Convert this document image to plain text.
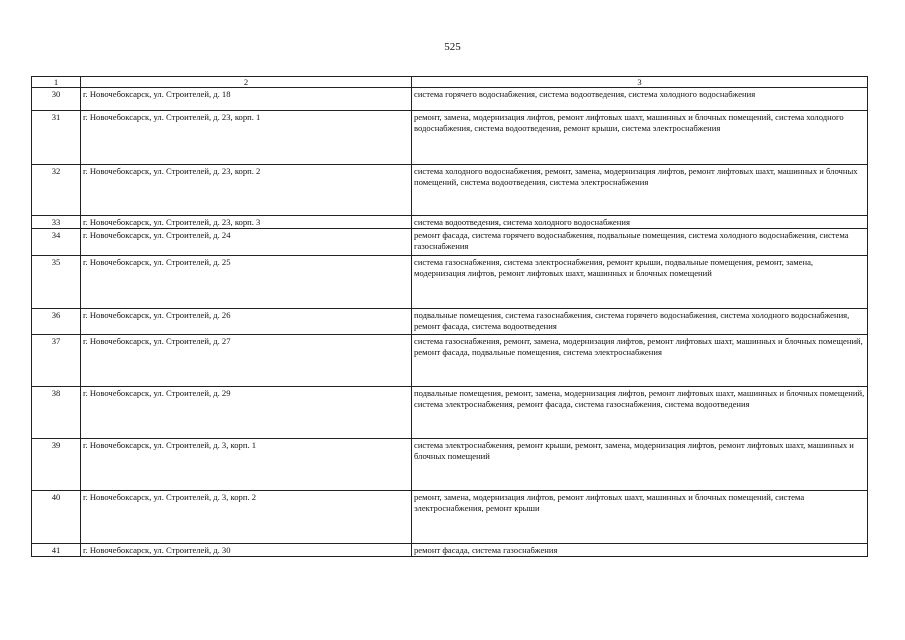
525
1	2	3
30	г. Новочебоксарск, ул. Строителей, д. 18	система горячего водоснабжения, система водоотведения, система холодного водоснабжения
31	г. Новочебоксарск, ул. Строителей, д. 23, корп. 1	ремонт, замена, модернизация лифтов, ремонт лифтовых шахт, машинных и блочных помещений, система холодного водоснабжения, система водоотведения, ремонт крыши, система электроснабжения
32	г. Новочебоксарск, ул. Строителей, д. 23, корп. 2	система холодного водоснабжения, ремонт, замена, модернизация лифтов, ремонт лифтовых шахт, машинных и блочных помещений, система водоотведения, система электроснабжения
33	г. Новочебоксарск, ул. Строителей, д. 23, корп. 3	система водоотведения, система холодного водоснабжения
34	г. Новочебоксарск, ул. Строителей, д. 24	ремонт фасада, система горячего водоснабжения, подвальные помещения, система холодного водоснабжения, система газоснабжения
35	г. Новочебоксарск, ул. Строителей, д. 25	система газоснабжения, система электроснабжения, ремонт крыши, подвальные помещения, ремонт, замена, модернизация лифтов, ремонт лифтовых шахт, машинных и блочных помещений
36	г. Новочебоксарск, ул. Строителей, д. 26	подвальные помещения, система газоснабжения, система горячего водоснабжения, система холодного водоснабжения, ремонт фасада, система водоотведения
37	г. Новочебоксарск, ул. Строителей, д. 27	система газоснабжения, ремонт, замена, модернизация лифтов, ремонт лифтовых шахт, машинных и блочных помещений, ремонт фасада, подвальные помещения, система электроснабжения
38	г. Новочебоксарск, ул. Строителей, д. 29	подвальные помещения, ремонт, замена, модернизация лифтов, ремонт лифтовых шахт, машинных и блочных помещений, система электроснабжения, ремонт фасада, система газоснабжения, система водоотведения
39	г. Новочебоксарск, ул. Строителей, д. 3, корп. 1	система электроснабжения, ремонт крыши, ремонт, замена, модернизация лифтов, ремонт лифтовых шахт, машинных и блочных помещений
40	г. Новочебоксарск, ул. Строителей, д. 3, корп. 2	ремонт, замена, модернизация лифтов, ремонт лифтовых шахт, машинных и блочных помещений, система электроснабжения, ремонт крыши
41	г. Новочебоксарск, ул. Строителей, д. 30	ремонт фасада, система газоснабжения
